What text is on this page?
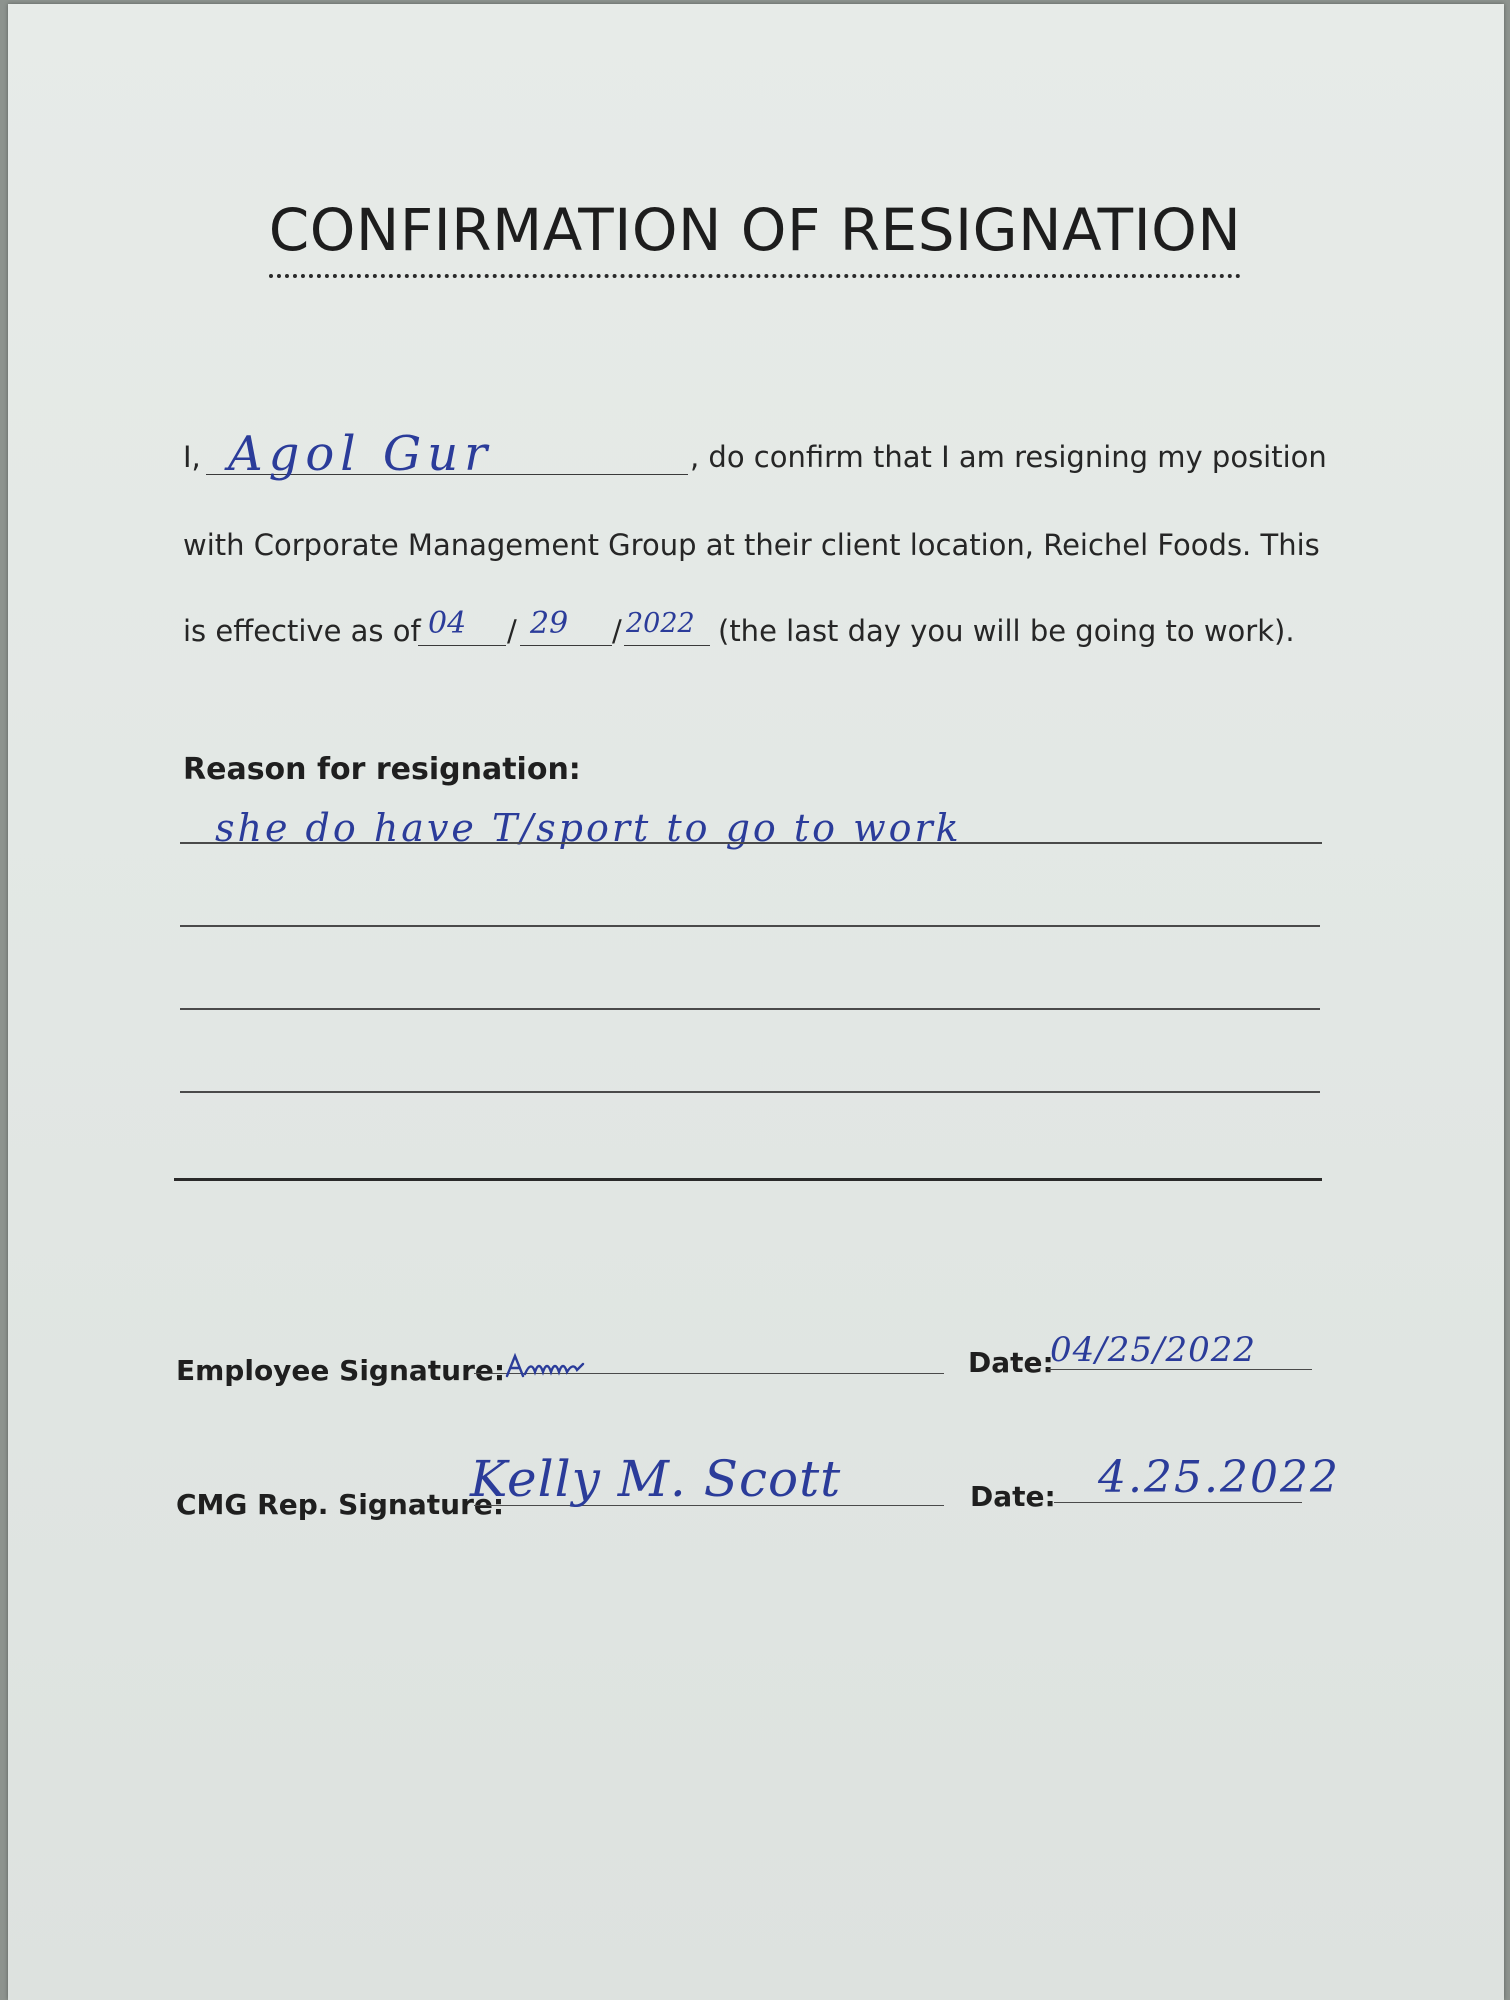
CONFIRMATION OF RESIGNATION
I, Agol Gur	, do confirm that I am resigning my position
with Corporate Management Group at their client location, Reichel Foods. This
is effective as of 04 / 29 / 2022 (the last day you will be going to work).
Reason for resignation:
she do have T/sport to go to work
Employee Signature:	Date:
04/25/2022
CMG Rep. Signature:
Kelly M. Scott	Date: 4.25.2022
